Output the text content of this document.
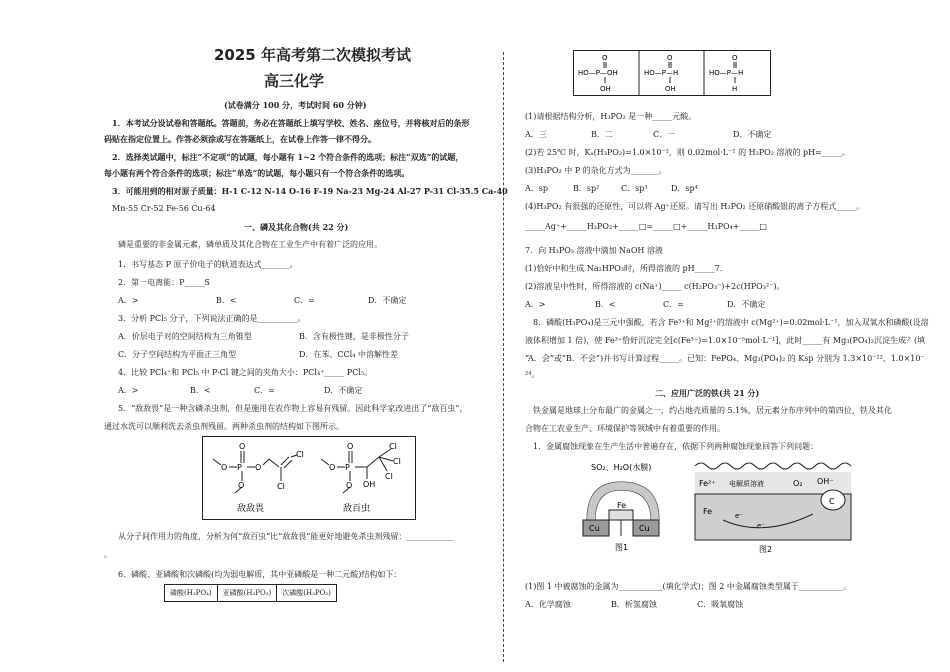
2025 年高考第二次模拟考试
高三化学
(试卷满分 100 分，考试时间 60 分钟)
1．本考试分设试卷和答题纸。答题前，务必在答题纸上填写学校、姓名、座位号，并将核对后的条形
码贴在指定位置上。作答必须涂或写在答题纸上，在试卷上作答一律不得分。
2．选择类试题中，标注“不定项”的试题，每小题有 1~2 个符合条件的选项；标注“双选”的试题，
每小题有两个符合条件的选项；标注“单选”的试题，每小题只有一个符合条件的选项。
3．可能用到的相对原子质量：H-1 C-12 N-14 O-16 F-19 Na-23 Mg-24 Al-27 P-31 Cl-35.5 Ca-40
Mn-55 Cr-52 Fe-56 Cu-64
一、磷及其化合物(共 22 分)
磷是重要的非金属元素，磷单质及其化合物在工业生产中有着广泛的应用。
1．书写基态 P 原子价电子的轨道表达式_______。
2．第一电离能：P_____S
A．>	B．<	C．=	D．不确定
3．分析 PCl₅ 分子，下列说法正确的是__________。
A．价层电子对的空间结构为三角锥型	B．含有极性键，是非极性分子
C．分子空间结构为平面正三角型	D．在苯、CCl₄ 中溶解性差
4．比较 PCl₄⁺和 PCl₅ 中 P-Cl 键之间的夹角大小：PCl₄⁺_____ PCl₅。
A．>	B．<	C．=	D．不确定
5．“敌敌畏”是一种含磷杀虫剂，但是施用在农作物上容易有残留。因此科学家改进出了“敌百虫”，
通过水洗可以顺利洗去杀虫剂残留。两种杀虫剂的结构如下图所示。
O P
O
O
Cl
Cl
O
敌敌畏
O P
O	Cl
Cl
Cl
OH
O
敌百虫
从分子间作用力的角度，分析为何“敌百虫”比“敌敌畏”能更好地避免杀虫剂残留：____________
。
6．磷酸、亚磷酸和次磷酸(均为弱电解质，其中亚磷酸是一种二元酸)结构如下：
磷酸(H₃PO₄)	亚磷酸(H₃PO₃)	次磷酸(H₃PO₂)
O
HO—P—OH
OH
O
HO—P—H
OH
O
HO—P—H
H
(1)请根据结构分析，H₃PO₂ 是一种_____元酸。
A．三	B．二	C．一	D．不确定
(2)若 25℃ 时，Kₐ(H₃PO₂)=1.0×10⁻²，则 0.02mol·L⁻¹ 的 H₃PO₂ 溶液的 pH=_____。
(3)H₃PO₂ 中 P 的杂化方式为_______。
A．sp	B．sp²	C．sp³	D．sp⁴
(4)H₃PO₂ 有很强的还原性，可以将 Ag⁺还原。请写出 H₃PO₂ 还原硝酸银的离子方程式_____。
_____Ag⁺+_____H₃PO₂+_____□=_____□+_____H₃PO₄+_____□
7．向 H₃PO₃ 溶液中滴加 NaOH 溶液
(1)恰好中和生成 Na₂HPO₃时，所得溶液的 pH_____7.
(2)溶液呈中性时，所得溶液的 c(Na⁺)_____ c(H₂PO₃⁻)+2c(HPO₃²⁻)。
A．>	B．<	C．=	D．不确定
8．磷酸(H₃PO₄)是三元中强酸，若含 Fe³⁺和 Mg²⁺的溶液中 c(Mg²⁺)=0.02mol·L⁻¹，加入双氧水和磷酸(设溶
液体积增加 1 倍)，使 Fe³⁺恰好沉淀完全[c(Fe³⁺)=1.0×10⁻⁵mol·L⁻¹]，此时_____有 Mg₃(PO₄)₂沉淀生成？(填
“A．会”或“B．不会”)并书写计算过程_____。已知：FePO₄、Mg₃(PO₄)₂ 的 Ksp 分别为 1.3×10⁻²²、1.0×10⁻
²⁴。
二、应用广泛的铁(共 21 分)
铁金属是地球上分布最广的金属之一，约占地壳质量的 5.1%，居元素分布序列中的第四位，铁及其化
合物在工农业生产、环境保护等领域中有着重要的作用。
1．金属腐蚀现象在生产生活中普遍存在，依据下列两种腐蚀现象回答下列问题：
SO₂、H₂O(水膜)
Fe
Cu	Cu
图1
Fe²⁺ 电解质溶液	O₂ OH⁻
C
Fe	e⁻
e⁻
图2
(1)图 1 中被腐蚀的金属为___________(填化学式)；图 2 中金属腐蚀类型属于___________。
A．化学腐蚀	B．析氢腐蚀	C．吸氧腐蚀
